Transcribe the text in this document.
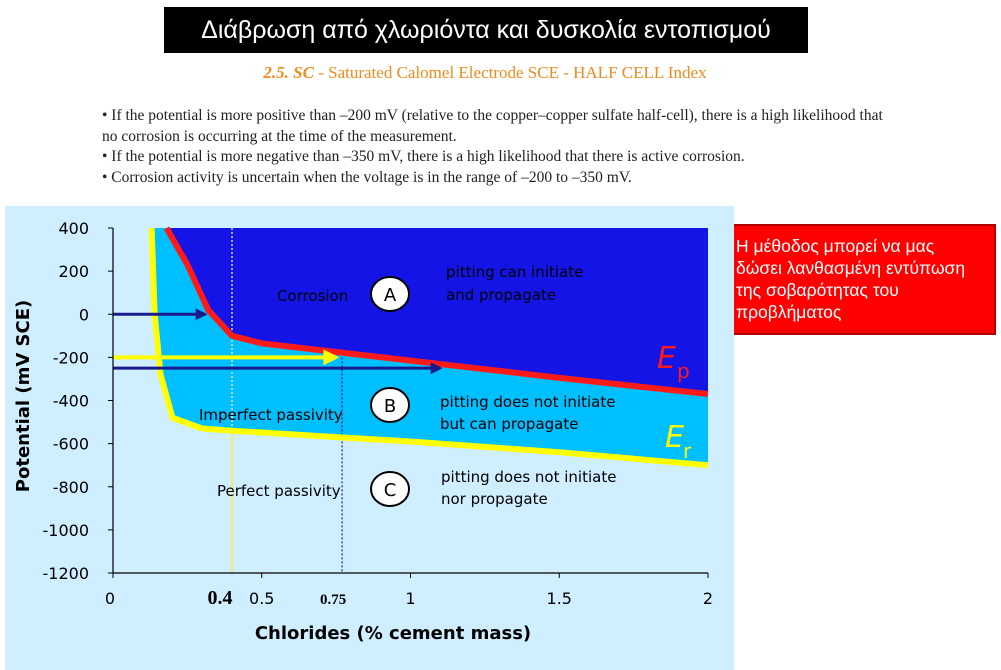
Διάβρωση από χλωριόντα και δυσκολία εντοπισμού
2.5. SC - Saturated Calomel Electrode SCE - HALF CELL Index

• If the potential is more positive than –200 mV (relative to the copper–copper sulfate half-cell), there is a high likelihood that no corrosion is occurring at the time of the measurement.

• If the potential is more negative than –350 mV, there is a high likelihood that there is active corrosion.

• Corrosion activity is uncertain when the voltage is in the range of –200 to –350 mV.

Η μέθοδος μπορεί να μας δώσει λανθασμένη εντύπωση της σοβαρότητας του προβλήματος
400
200
0
-200
-400
-600
-800
-1000
-1200
0	0.5	1	1.5	2
0.4	0.75
Chlorides (% cement mass)
Potential (mV SCE)
Corrosion A
pitting can initiate
and propagate
Imperfect passivity B	pitting does not initiate
but can propagate
Perfect passivity C
pitting does not initiate
nor propagate
E p
E r
